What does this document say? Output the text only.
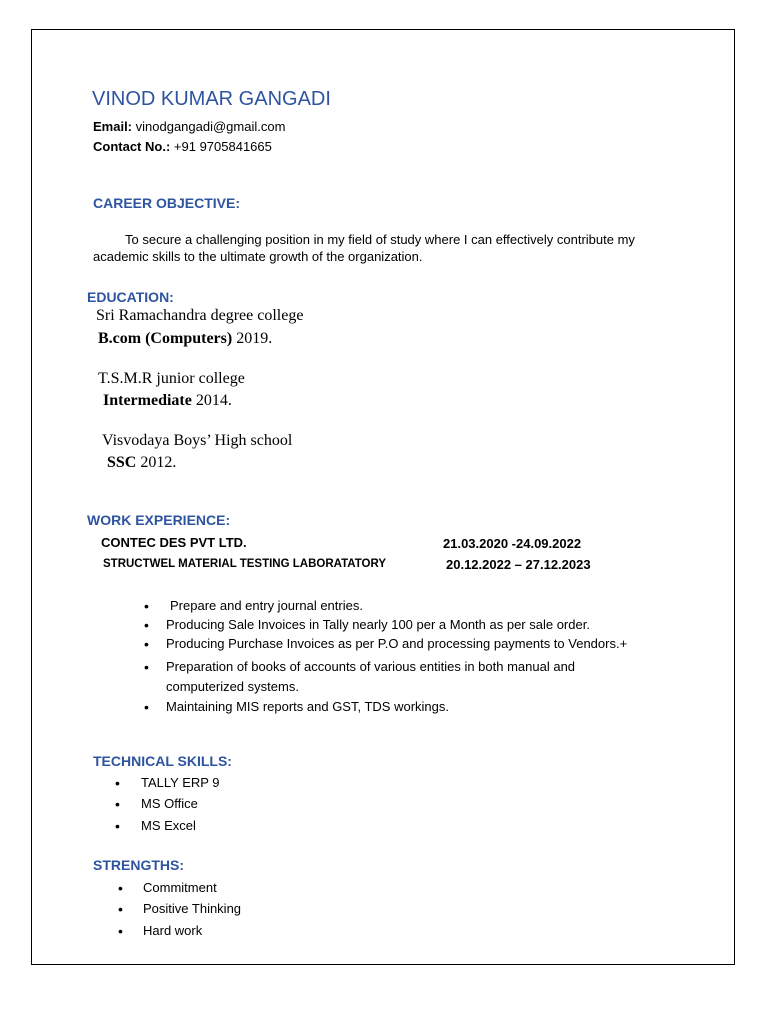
VINOD KUMAR GANGADI
Email: vinodgangadi@gmail.com
Contact No.: +91 9705841665
CAREER OBJECTIVE:
To secure a challenging position in my field of study where I can effectively contribute my academic skills to the ultimate growth of the organization.
EDUCATION:
Sri Ramachandra degree college
B.com (Computers) 2019.
T.S.M.R junior college
Intermediate 2014.
Visvodaya Boys’ High school
SSC 2012.
WORK EXPERIENCE:
CONTEC DES PVT LTD.	21.03.2020 -24.09.2022
STRUCTWEL MATERIAL TESTING LABORATATORY	20.12.2022 – 27.12.2023
• Prepare and entry journal entries.
• Producing Sale Invoices in Tally nearly 100 per a Month as per sale order.
• Producing Purchase Invoices as per P.O and processing payments to Vendors.+
• Preparation of books of accounts of various entities in both manual and computerized systems.
• Maintaining MIS reports and GST, TDS workings.
TECHNICAL SKILLS:
• TALLY ERP 9
• MS Office
• MS Excel
STRENGTHS:
• Commitment
• Positive Thinking
• Hard work
